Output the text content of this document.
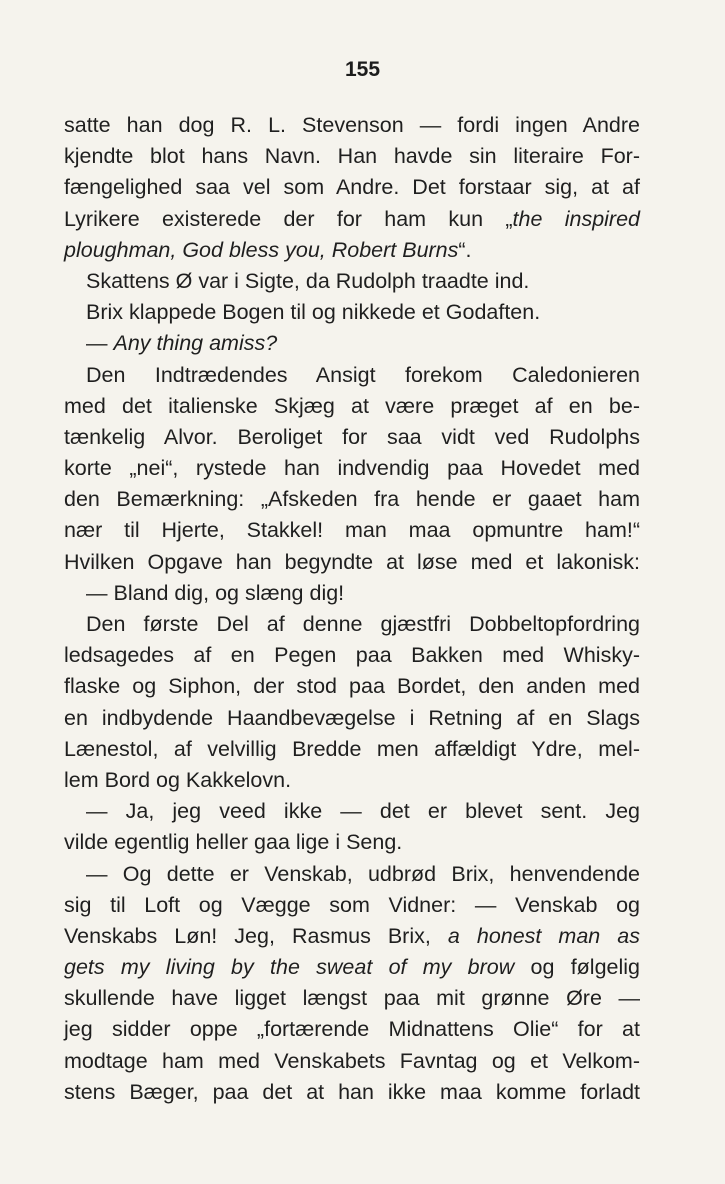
155
satte han dog R. L. Stevenson — fordi ingen Andre
kjendte blot hans Navn. Han havde sin literaire For-
fængelighed saa vel som Andre. Det forstaar sig, at af
Lyrikere existerede der for ham kun „the inspired
ploughman, God bless you, Robert Burns“.
Skattens Ø var i Sigte, da Rudolph traadte ind.
Brix klappede Bogen til og nikkede et Godaften.
— Any thing amiss?
Den Indtrædendes Ansigt forekom Caledonieren
med det italienske Skjæg at være præget af en be-
tænkelig Alvor. Beroliget for saa vidt ved Rudolphs
korte „nei“, rystede han indvendig paa Hovedet med
den Bemærkning: „Afskeden fra hende er gaaet ham
nær til Hjerte, Stakkel! man maa opmuntre ham!“
Hvilken Opgave han begyndte at løse med et lakonisk:
— Bland dig, og slæng dig!
Den første Del af denne gjæstfri Dobbeltopfordring
ledsagedes af en Pegen paa Bakken med Whisky-
flaske og Siphon, der stod paa Bordet, den anden med
en indbydende Haandbevægelse i Retning af en Slags
Lænestol, af velvillig Bredde men affældigt Ydre, mel-
lem Bord og Kakkelovn.
— Ja, jeg veed ikke — det er blevet sent. Jeg
vilde egentlig heller gaa lige i Seng.
— Og dette er Venskab, udbrød Brix, henvendende
sig til Loft og Vægge som Vidner: — Venskab og
Venskabs Løn! Jeg, Rasmus Brix, a honest man as
gets my living by the sweat of my brow og følgelig
skullende have ligget længst paa mit grønne Øre —
jeg sidder oppe „fortærende Midnattens Olie“ for at
modtage ham med Venskabets Favntag og et Velkom-
stens Bæger, paa det at han ikke maa komme forladt
